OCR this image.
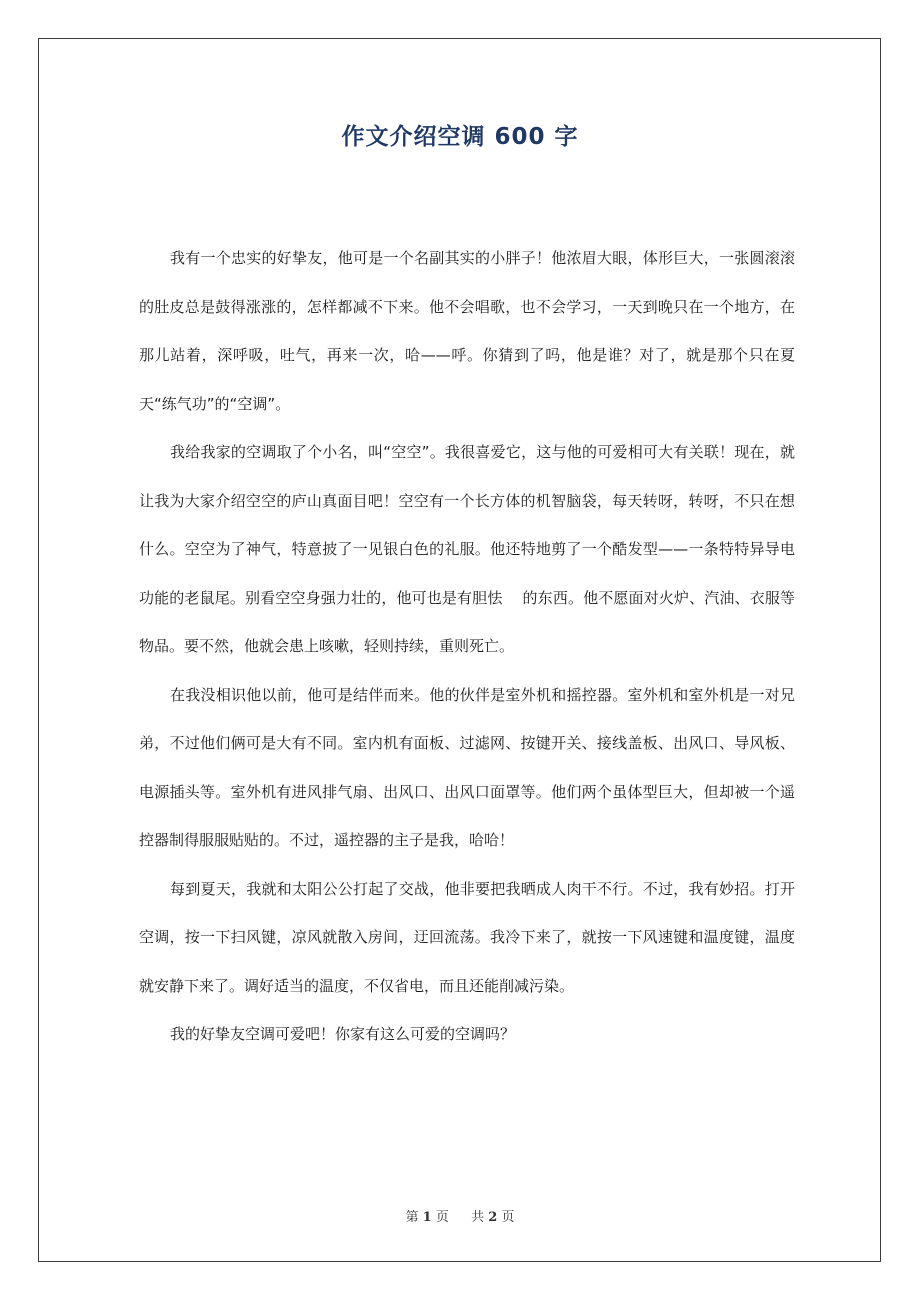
作文介绍空调 600 字

我有一个忠实的好挚友，他可是一个名副其实的小胖子！他浓眉大眼，体形巨大，一张圆滚滚的肚皮总是鼓得涨涨的，怎样都减不下来。他不会唱歌，也不会学习，一天到晚只在一个地方，在那儿站着，深呼吸，吐气，再来一次，哈——呼。你猜到了吗，他是谁？对了，就是那个只在夏天“练气功”的“空调”。

我给我家的空调取了个小名，叫“空空”。我很喜爱它，这与他的可爱相可大有关联！现在，就让我为大家介绍空空的庐山真面目吧！空空有一个长方体的机智脑袋，每天转呀，转呀，不只在想什么。空空为了神气，特意披了一见银白色的礼服。他还特地剪了一个酷发型——一条特特异导电功能的老鼠尾。别看空空身强力壮的，他可也是有胆怯　 的东西。他不愿面对火炉、汽油、衣服等物品。要不然，他就会患上咳嗽，轻则持续，重则死亡。

在我没相识他以前，他可是结伴而来。他的伙伴是室外机和摇控器。室外机和室外机是一对兄弟，不过他们俩可是大有不同。室内机有面板、过滤网、按键开关、接线盖板、出风口、导风板、电源插头等。室外机有进风排气扇、出风口、出风口面罩等。他们两个虽体型巨大，但却被一个遥控器制得服服贴贴的。不过，遥控器的主子是我，哈哈！

每到夏天，我就和太阳公公打起了交战，他非要把我晒成人肉干不行。不过，我有妙招。打开空调，按一下扫风键，凉风就散入房间，迂回流荡。我冷下来了，就按一下风速键和温度键，温度就安静下来了。调好适当的温度，不仅省电，而且还能削减污染。

我的好挚友空调可爱吧！你家有这么可爱的空调吗？

第 1 页 共 2 页
